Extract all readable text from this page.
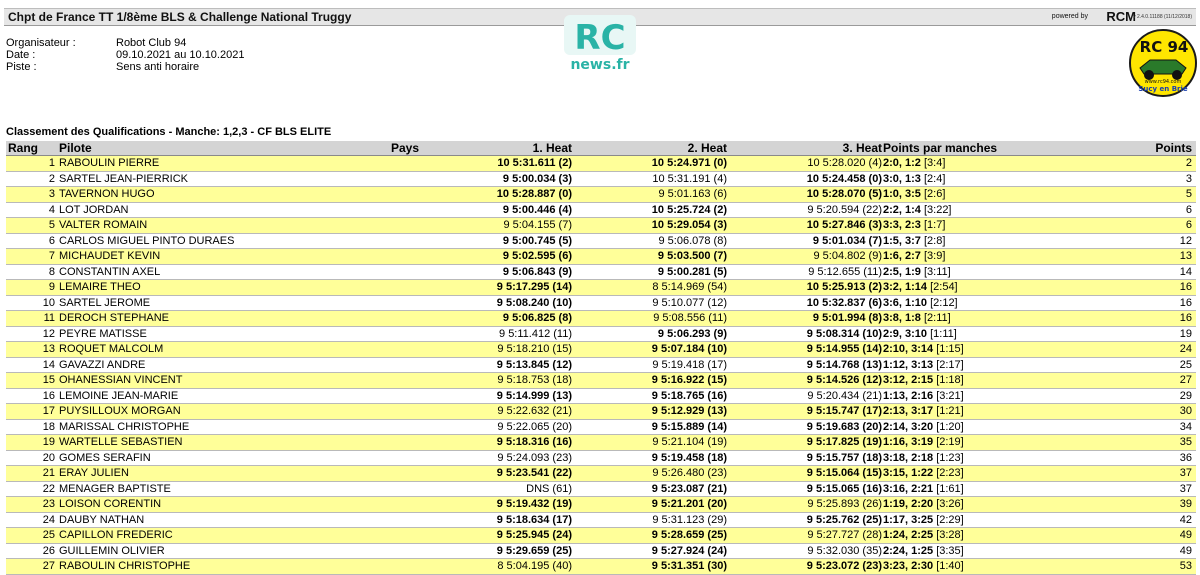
Chpt de France TT 1/8ème BLS & Challenge National Truggy	powered by RCM
v 2.4.0.11188 (11/12/2018)
Organisateur :	Robot Club 94
Date :	09.10.2021 au 10.10.2021
Piste :	Sens anti horaire
RC
news.fr
RC 94
www.rc94.com
Sucy en Brie
Classement des Qualifications - Manche: 1,2,3 - CF BLS ELITE
Rang Pilote	Pays	1. Heat	2. Heat	3. Heat Points par manches	Points
1 RABOULIN PIERRE	10 5:31.611 (2)	10 5:24.971 (0)	10 5:28.020 (4) 2:0, 1:2 [3:4]	2
2 SARTEL JEAN-PIERRICK	9 5:00.034 (3)	10 5:31.191 (4)	10 5:24.458 (0) 3:0, 1:3 [2:4]	3
3 TAVERNON HUGO	10 5:28.887 (0)	9 5:01.163 (6)	10 5:28.070 (5) 1:0, 3:5 [2:6]	5
4 LOT JORDAN	9 5:00.446 (4)	10 5:25.724 (2)	9 5:20.594 (22) 2:2, 1:4 [3:22]	6
5 VALTER ROMAIN	9 5:04.155 (7)	10 5:29.054 (3)	10 5:27.846 (3) 3:3, 2:3 [1:7]	6
6 CARLOS MIGUEL PINTO DURAES	9 5:00.745 (5)	9 5:06.078 (8)	9 5:01.034 (7) 1:5, 3:7 [2:8]	12
7 MICHAUDET KEVIN	9 5:02.595 (6)	9 5:03.500 (7)	9 5:04.802 (9) 1:6, 2:7 [3:9]	13
8 CONSTANTIN AXEL	9 5:06.843 (9)	9 5:00.281 (5)	9 5:12.655 (11) 2:5, 1:9 [3:11]	14
9 LEMAIRE THEO	9 5:17.295 (14)	8 5:14.969 (54)	10 5:25.913 (2) 3:2, 1:14 [2:54]	16
10 SARTEL JEROME	9 5:08.240 (10)	9 5:10.077 (12)	10 5:32.837 (6) 3:6, 1:10 [2:12]	16
11 DEROCH STEPHANE	9 5:06.825 (8)	9 5:08.556 (11)	9 5:01.994 (8) 3:8, 1:8 [2:11]	16
12 PEYRE MATISSE	9 5:11.412 (11)	9 5:06.293 (9)	9 5:08.314 (10) 2:9, 3:10 [1:11]	19
13 ROQUET MALCOLM	9 5:18.210 (15)	9 5:07.184 (10)	9 5:14.955 (14) 2:10, 3:14 [1:15]	24
14 GAVAZZI ANDRE	9 5:13.845 (12)	9 5:19.418 (17)	9 5:14.768 (13) 1:12, 3:13 [2:17]	25
15 OHANESSIAN VINCENT	9 5:18.753 (18)	9 5:16.922 (15)	9 5:14.526 (12) 3:12, 2:15 [1:18]	27
16 LEMOINE JEAN-MARIE	9 5:14.999 (13)	9 5:18.765 (16)	9 5:20.434 (21) 1:13, 2:16 [3:21]	29
17 PUYSILLOUX MORGAN	9 5:22.632 (21)	9 5:12.929 (13)	9 5:15.747 (17) 2:13, 3:17 [1:21]	30
18 MARISSAL CHRISTOPHE	9 5:22.065 (20)	9 5:15.889 (14)	9 5:19.683 (20) 2:14, 3:20 [1:20]	34
19 WARTELLE SEBASTIEN	9 5:18.316 (16)	9 5:21.104 (19)	9 5:17.825 (19) 1:16, 3:19 [2:19]	35
20 GOMES SERAFIN	9 5:24.093 (23)	9 5:19.458 (18)	9 5:15.757 (18) 3:18, 2:18 [1:23]	36
21 ERAY JULIEN	9 5:23.541 (22)	9 5:26.480 (23)	9 5:15.064 (15) 3:15, 1:22 [2:23]	37
22 MENAGER BAPTISTE	DNS (61)	9 5:23.087 (21)	9 5:15.065 (16) 3:16, 2:21 [1:61]	37
23 LOISON CORENTIN	9 5:19.432 (19)	9 5:21.201 (20)	9 5:25.893 (26) 1:19, 2:20 [3:26]	39
24 DAUBY NATHAN	9 5:18.634 (17)	9 5:31.123 (29)	9 5:25.762 (25) 1:17, 3:25 [2:29]	42
25 CAPILLON FREDERIC	9 5:25.945 (24)	9 5:28.659 (25)	9 5:27.727 (28) 1:24, 2:25 [3:28]	49
26 GUILLEMIN OLIVIER	9 5:29.659 (25)	9 5:27.924 (24)	9 5:32.030 (35) 2:24, 1:25 [3:35]	49
27 RABOULIN CHRISTOPHE	8 5:04.195 (40)	9 5:31.351 (30)	9 5:23.072 (23) 3:23, 2:30 [1:40]	53
